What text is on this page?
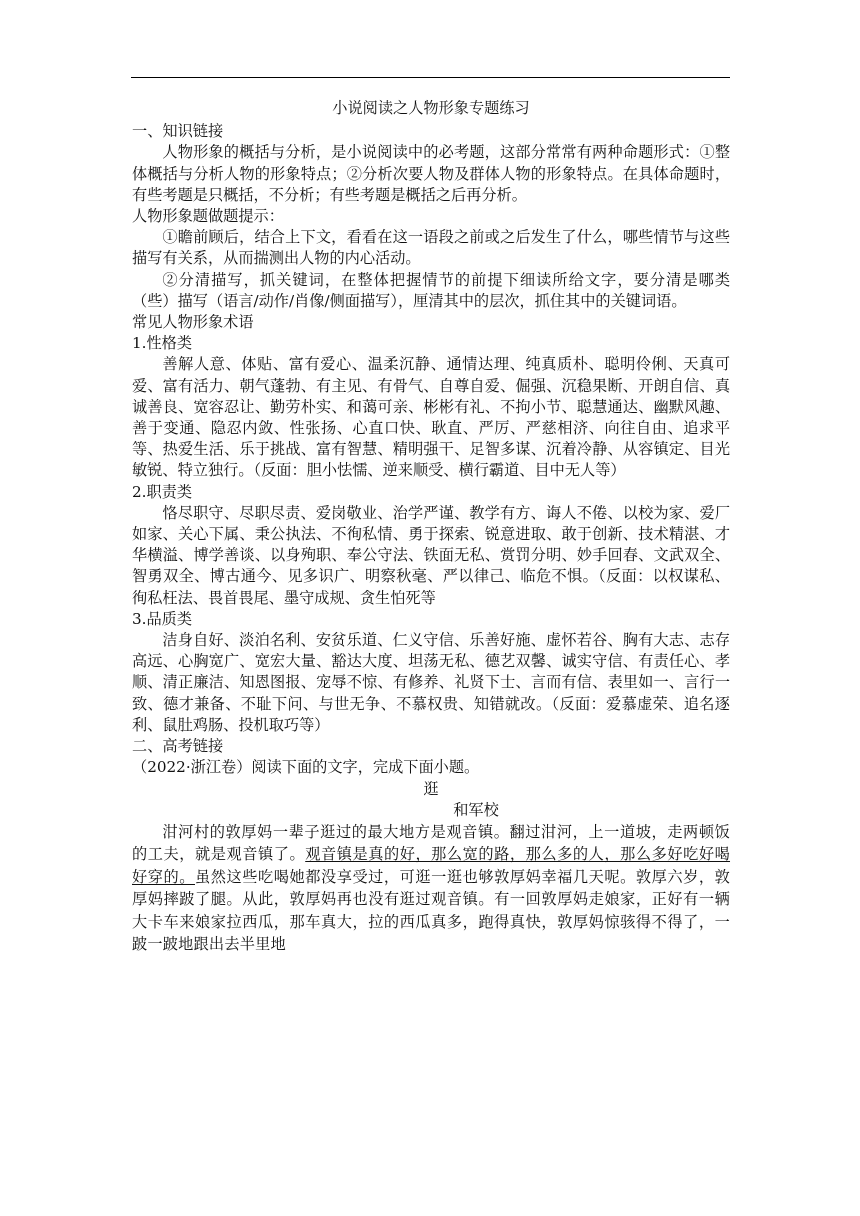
小说阅读之人物形象专题练习

一、知识链接

人物形象的概括与分析，是小说阅读中的必考题，这部分常常有两种命题形式：①整体概括与分析人物的形象特点；②分析次要人物及群体人物的形象特点。在具体命题时，有些考题是只概括，不分析；有些考题是概括之后再分析。

人物形象题做题提示：

①瞻前顾后，结合上下文，看看在这一语段之前或之后发生了什么，哪些情节与这些描写有关系，从而揣测出人物的内心活动。

②分清描写，抓关键词，在整体把握情节的前提下细读所给文字，要分清是哪类（些）描写（语言/动作/肖像/侧面描写），厘清其中的层次，抓住其中的关键词语。

常见人物形象术语

1.性格类

善解人意、体贴、富有爱心、温柔沉静、通情达理、纯真质朴、聪明伶俐、天真可爱、富有活力、朝气蓬勃、有主见、有骨气、自尊自爱、倔强、沉稳果断、开朗自信、真诚善良、宽容忍让、勤劳朴实、和蔼可亲、彬彬有礼、不拘小节、聪慧通达、幽默风趣、善于变通、隐忍内敛、性张扬、心直口快、耿直、严厉、严慈相济、向往自由、追求平等、热爱生活、乐于挑战、富有智慧、精明强干、足智多谋、沉着冷静、从容镇定、目光敏锐、特立独行。（反面：胆小怯懦、逆来顺受、横行霸道、目中无人等）

2.职责类

恪尽职守、尽职尽责、爱岗敬业、治学严谨、教学有方、诲人不倦、以校为家、爱厂如家、关心下属、秉公执法、不徇私情、勇于探索、锐意进取、敢于创新、技术精湛、才华横溢、博学善谈、以身殉职、奉公守法、铁面无私、赏罚分明、妙手回春、文武双全、智勇双全、博古通今、见多识广、明察秋毫、严以律己、临危不惧。（反面：以权谋私、徇私枉法、畏首畏尾、墨守成规、贪生怕死等

3.品质类

洁身自好、淡泊名利、安贫乐道、仁义守信、乐善好施、虚怀若谷、胸有大志、志存高远、心胸宽广、宽宏大量、豁达大度、坦荡无私、德艺双馨、诚实守信、有责任心、孝顺、清正廉洁、知恩图报、宠辱不惊、有修养、礼贤下士、言而有信、表里如一、言行一致、德才兼备、不耻下问、与世无争、不慕权贵、知错就改。（反面：爱慕虚荣、追名逐利、鼠肚鸡肠、投机取巧等）

二、高考链接

（2022·浙江卷）阅读下面的文字，完成下面小题。

逛

和军校

泔河村的敦厚妈一辈子逛过的最大地方是观音镇。翻过泔河，上一道坡，走两顿饭的工夫，就是观音镇了。观音镇是真的好，那么宽的路，那么多的人，那么多好吃好喝好穿的。虽然这些吃喝她都没享受过，可逛一逛也够敦厚妈幸福几天呢。敦厚六岁，敦厚妈摔跛了腿。从此，敦厚妈再也没有逛过观音镇。有一回敦厚妈走娘家，正好有一辆大卡车来娘家拉西瓜，那车真大，拉的西瓜真多，跑得真快，敦厚妈惊骇得不得了，一跛一跛地跟出去半里地
